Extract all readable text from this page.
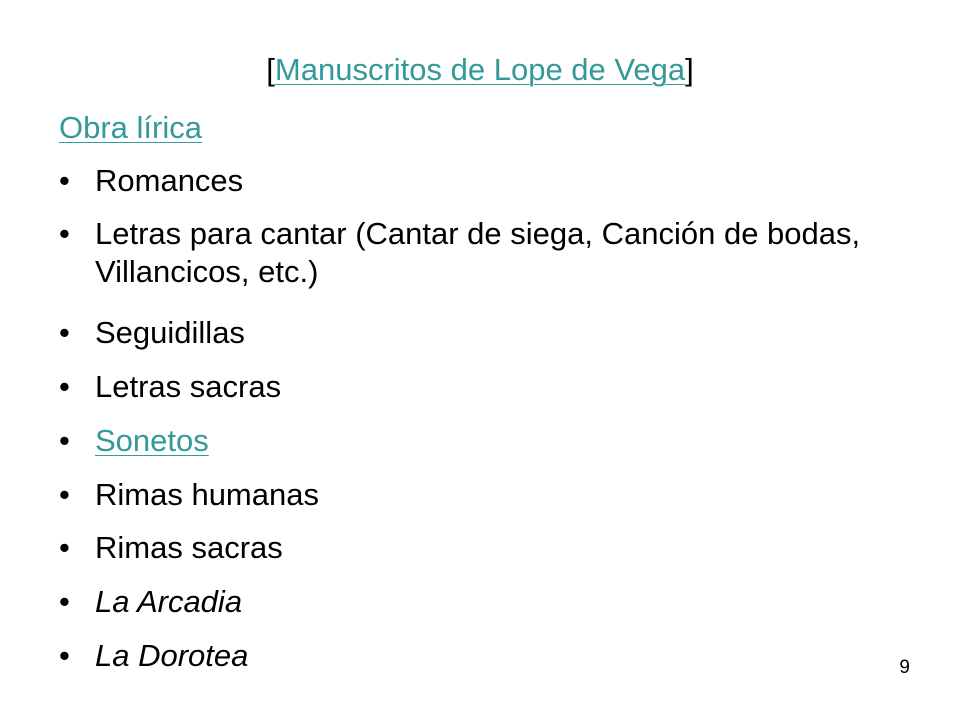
[Manuscritos de Lope de Vega]
Obra lírica
• Romances
• Letras para cantar (Cantar de siega, Canción de bodas, Villancicos, etc.)
• Seguidillas
• Letras sacras
• Sonetos
• Rimas humanas
• Rimas sacras
• La Arcadia
• La Dorotea	9
